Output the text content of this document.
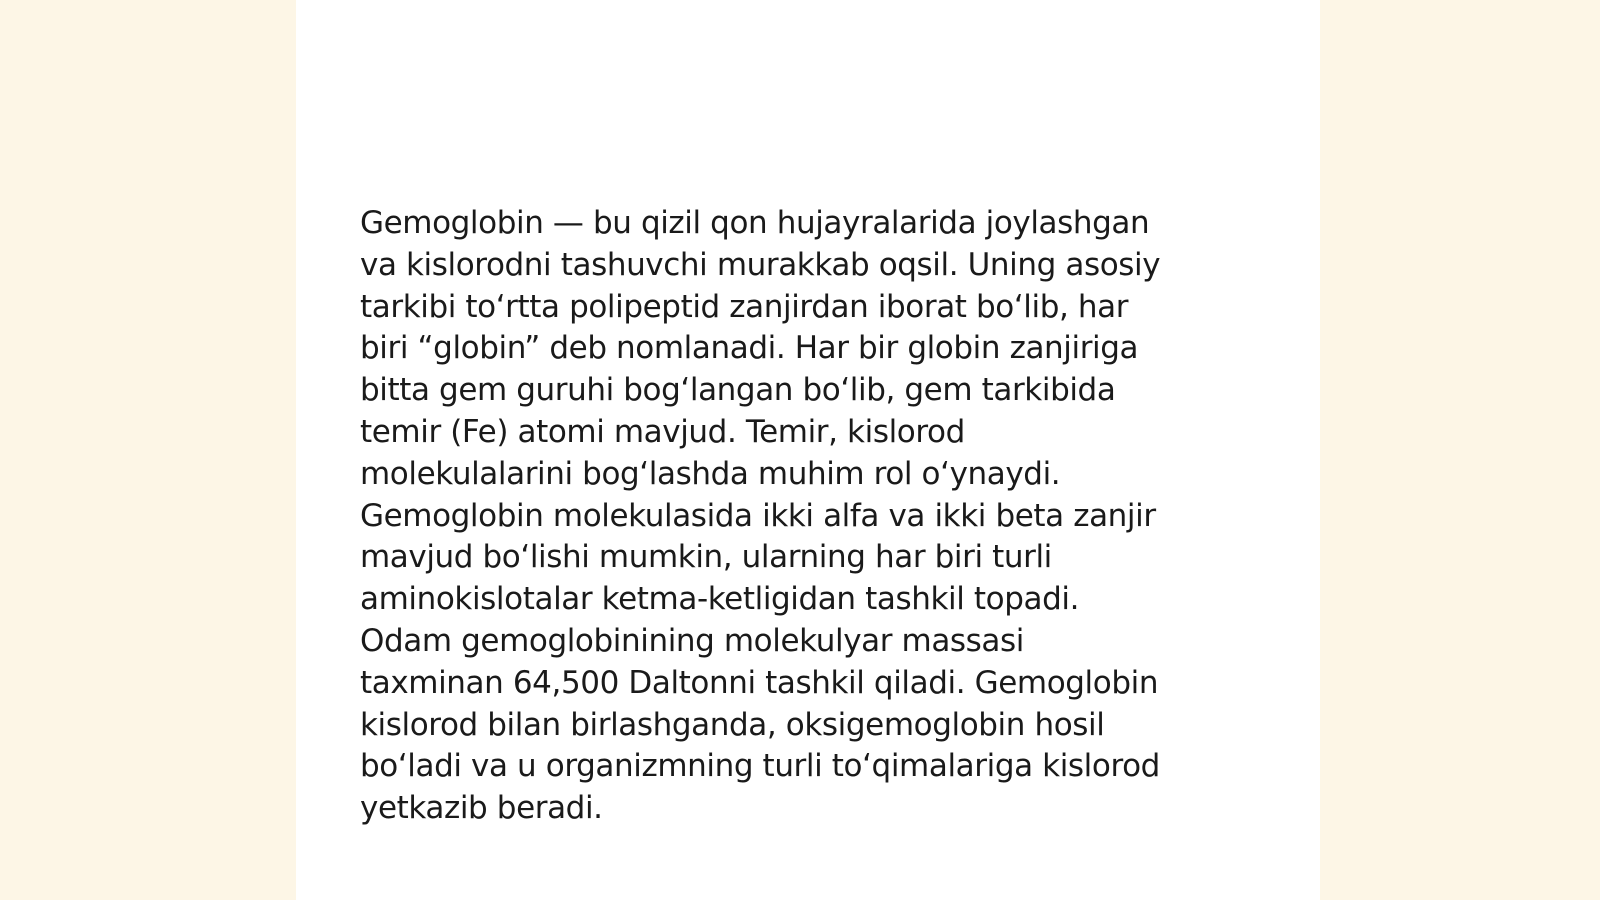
Gemoglobin — bu qizil qon hujayralarida joylashgan
va kislorodni tashuvchi murakkab oqsil. Uning asosiy
tarkibi to‘rtta polipeptid zanjirdan iborat bo‘lib, har
biri “globin” deb nomlanadi. Har bir globin zanjiriga
bitta gem guruhi bog‘langan bo‘lib, gem tarkibida
temir (Fe) atomi mavjud. Temir, kislorod
molekulalarini bog‘lashda muhim rol o‘ynaydi.
Gemoglobin molekulasida ikki alfa va ikki beta zanjir
mavjud bo‘lishi mumkin, ularning har biri turli
aminokislotalar ketma-ketligidan tashkil topadi.
Odam gemoglobinining molekulyar massasi
taxminan 64,500 Daltonni tashkil qiladi. Gemoglobin
kislorod bilan birlashganda, oksigemoglobin hosil
bo‘ladi va u organizmning turli to‘qimalariga kislorod
yetkazib beradi.
